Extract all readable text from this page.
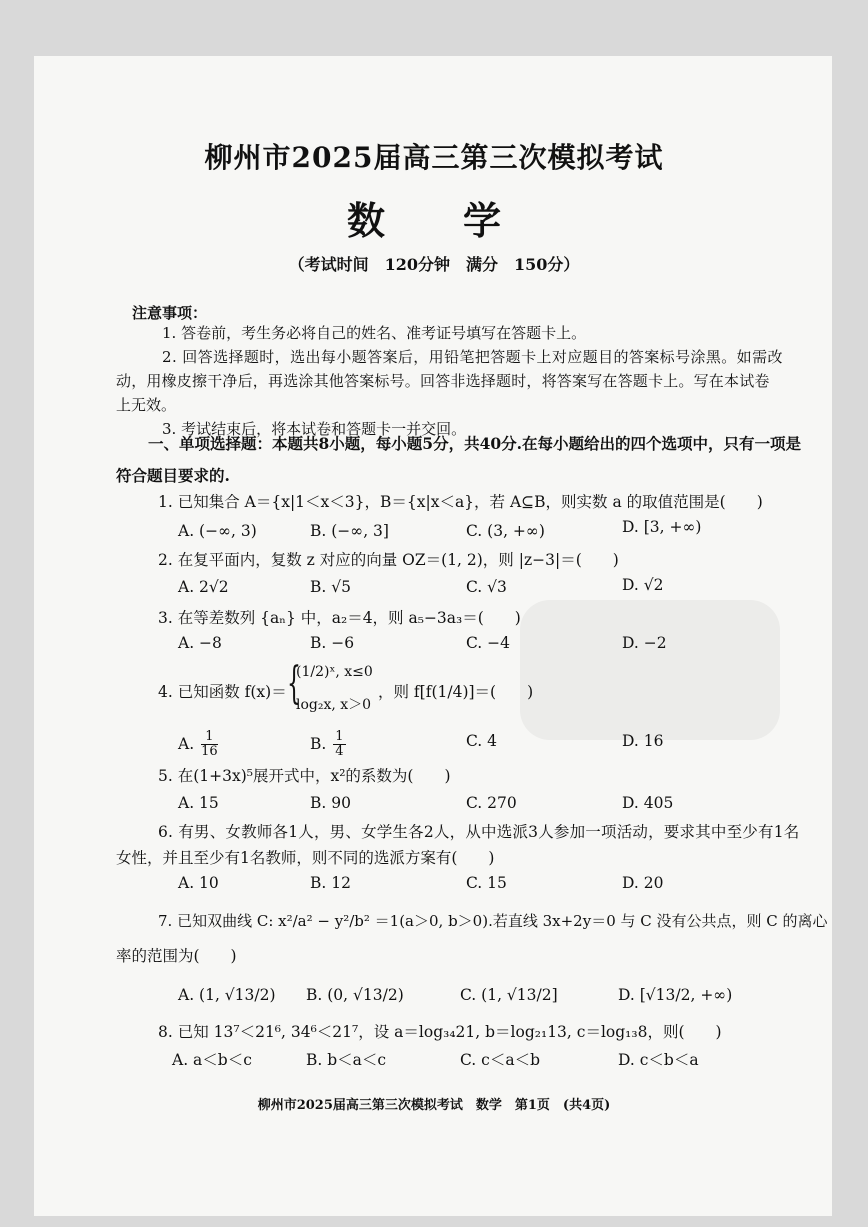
柳州市2025届高三第三次模拟考试
数　学
（考试时间　120分钟　满分　150分）
注意事项：
1. 答卷前，考生务必将自己的姓名、准考证号填写在答题卡上。
2. 回答选择题时，选出每小题答案后，用铅笔把答题卡上对应题目的答案标号涂黑。如需改
动，用橡皮擦干净后，再选涂其他答案标号。回答非选择题时，将答案写在答题卡上。写在本试卷
上无效。
3. 考试结束后，将本试卷和答题卡一并交回。
一、单项选择题：本题共8小题，每小题5分，共40分.在每小题给出的四个选项中，只有一项是
符合题目要求的.
1. 已知集合 A＝{x|1＜x＜3}，B＝{x|x＜a}，若 A⊆B，则实数 a 的取值范围是(　　)
A. (−∞, 3)	B. (−∞, 3]	C. (3, +∞)	D. [3, +∞)
2. 在复平面内，复数 z 对应的向量 OZ＝(1, 2)，则 |z−3|＝(　　)
A. 2√2	B. √5	C. √3	D. √2
3. 在等差数列 {aₙ} 中，a₂＝4，则 a₅−3a₃＝(　　)
A. −8	B. −6	C. −4	D. −2
4. 已知函数 f(x)＝ {
(1/2)ˣ, x≤0
log₂x, x＞0
，则 f[f(1/4)]＝(　　)
A. $\frac{1}{16}$	B. $\frac{1}{4}$	C. 4	D. 16
5. 在(1+3x)⁵展开式中，x²的系数为(　　)
A. 15	B. 90	C. 270	D. 405
6. 有男、女教师各1人，男、女学生各2人，从中选派3人参加一项活动，要求其中至少有1名
女性，并且至少有1名教师，则不同的选派方案有(　　)
A. 10	B. 12	C. 15	D. 20
7. 已知双曲线 C: x²/a² − y²/b² ＝1(a＞0, b＞0).若直线 3x+2y＝0 与 C 没有公共点，则 C 的离心
率的范围为(　　)
A. (1, √13/2) B. (0, √13/2)	C. (1, √13/2]	D. [√13/2, +∞)
8. 已知 13⁷＜21⁶, 34⁶＜21⁷，设 a＝log₃₄21, b＝log₂₁13, c＝log₁₃8，则(　　)
A. a＜b＜c	B. b＜a＜c	C. c＜a＜b	D. c＜b＜a
柳州市2025届高三第三次模拟考试　数学　第1页　(共4页)
